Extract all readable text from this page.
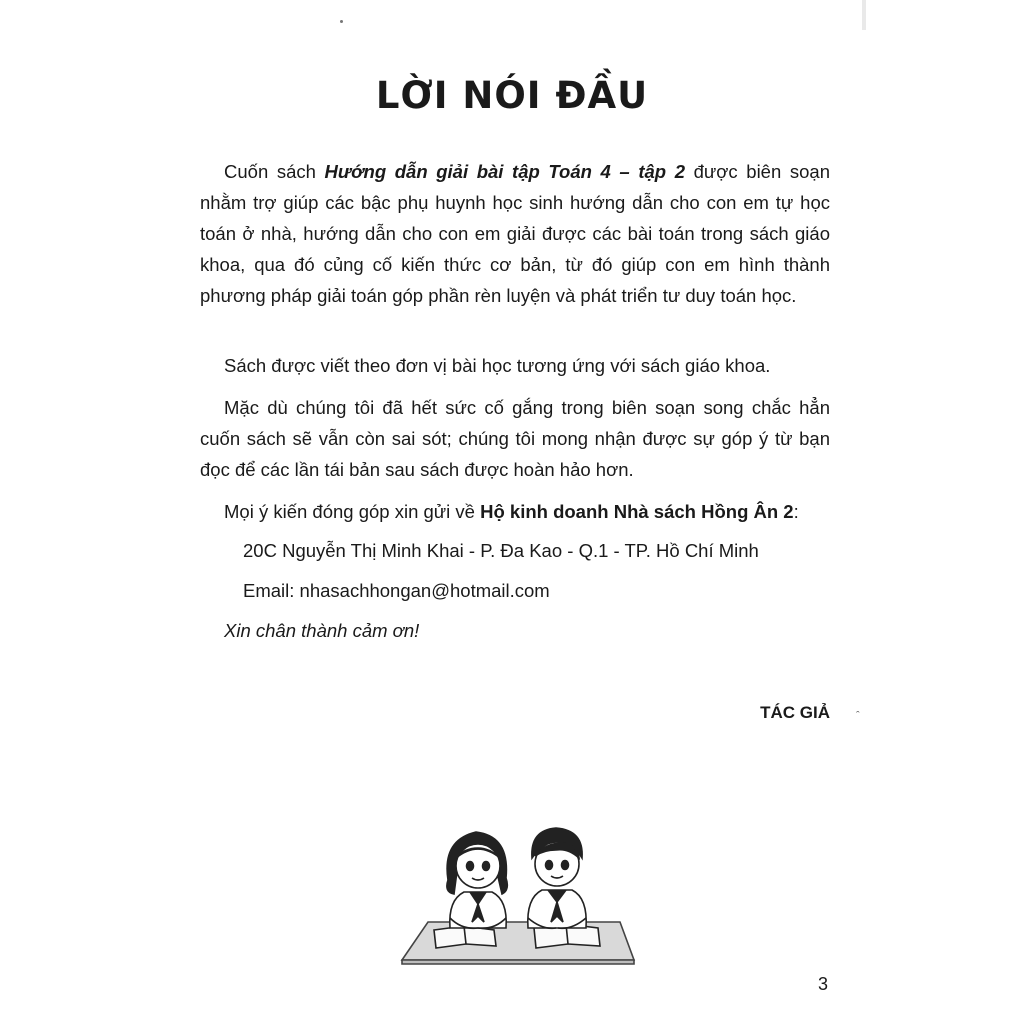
LỜI NÓI ĐẦU

Cuốn sách Hướng dẫn giải bài tập Toán 4 – tập 2 được biên soạn nhằm trợ giúp các bậc phụ huynh học sinh hướng dẫn cho con em tự học toán ở nhà, hướng dẫn cho con em giải được các bài toán trong sách giáo khoa, qua đó củng cố kiến thức cơ bản, từ đó giúp con em hình thành phương pháp giải toán góp phần rèn luyện và phát triển tư duy toán học.

Sách được viết theo đơn vị bài học tương ứng với sách giáo khoa.

Mặc dù chúng tôi đã hết sức cố gắng trong biên soạn song chắc hẳn cuốn sách sẽ vẫn còn sai sót; chúng tôi mong nhận được sự góp ý từ bạn đọc để các lần tái bản sau sách được hoàn hảo hơn.

Mọi ý kiến đóng góp xin gửi về Hộ kinh doanh Nhà sách Hồng Ân 2:

20C Nguyễn Thị Minh Khai - P. Đa Kao - Q.1 - TP. Hồ Chí Minh

Email: nhasachhongan@hotmail.com

Xin chân thành cảm ơn!

TÁC GIẢ ˆ

3
